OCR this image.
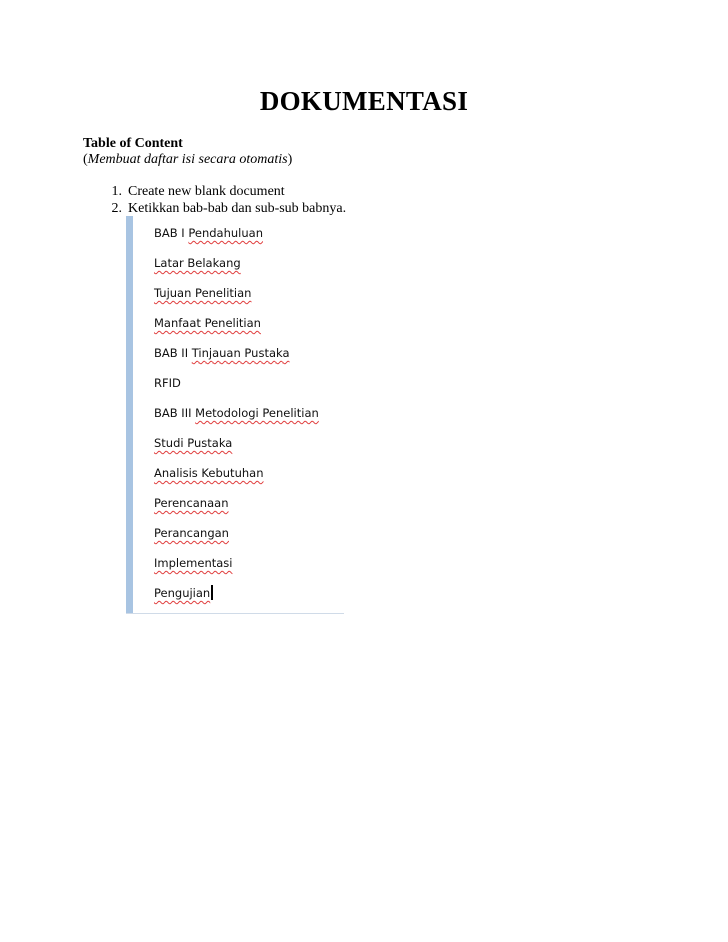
DOKUMENTASI
Table of Content
(Membuat daftar isi secara otomatis)
1. Create new blank document
2. Ketikkan bab-bab dan sub-sub babnya.
BAB I Pendahuluan
Latar Belakang
Tujuan Penelitian
Manfaat Penelitian
BAB II Tinjauan Pustaka
RFID
BAB III Metodologi Penelitian
Studi Pustaka
Analisis Kebutuhan
Perencanaan
Perancangan
Implementasi
Pengujian
